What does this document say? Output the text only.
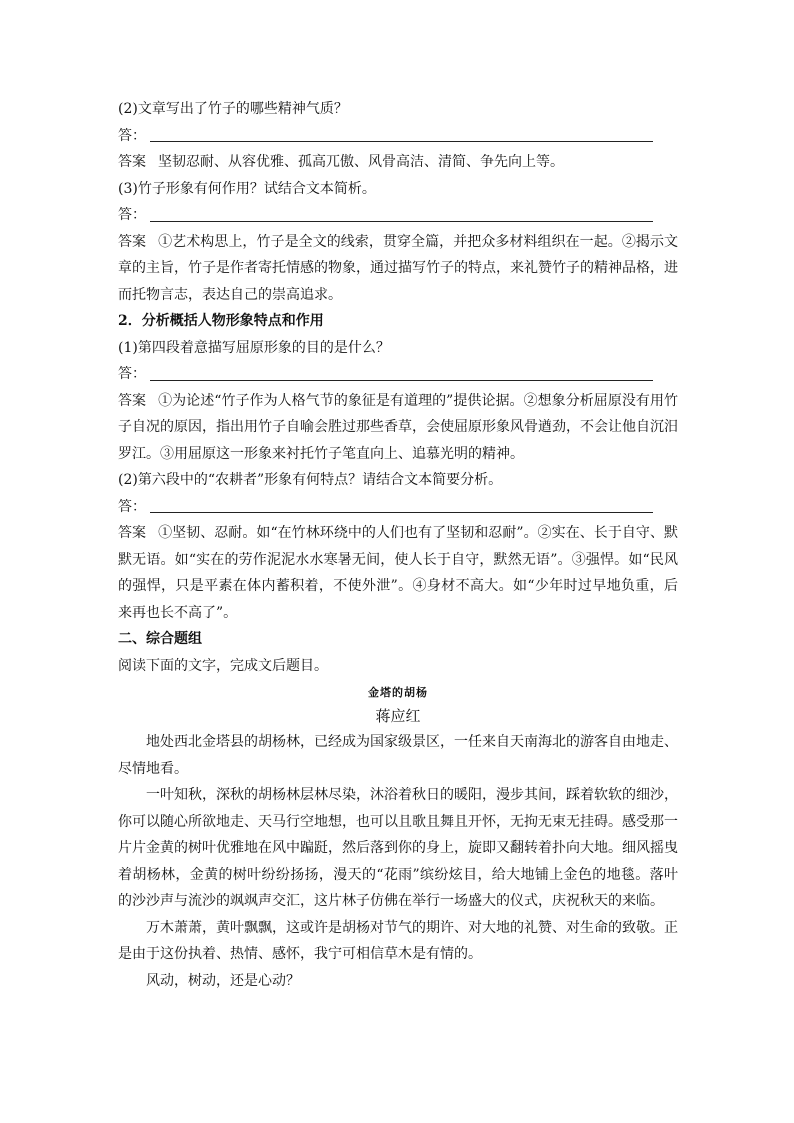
(2)文章写出了竹子的哪些精神气质？
答：
答案 坚韧忍耐、从容优雅、孤高兀傲、风骨高洁、清简、争先向上等。
(3)竹子形象有何作用？试结合文本简析。
答：
答案 ①艺术构思上，竹子是全文的线索，贯穿全篇，并把众多材料组织在一起。②揭示文章的主旨，竹子是作者寄托情感的物象，通过描写竹子的特点，来礼赞竹子的精神品格，进而托物言志，表达自己的崇高追求。
2．分析概括人物形象特点和作用
(1)第四段着意描写屈原形象的目的是什么？
答：
答案 ①为论述“竹子作为人格气节的象征是有道理的”提供论据。②想象分析屈原没有用竹子自况的原因，指出用竹子自喻会胜过那些香草，会使屈原形象风骨遒劲，不会让他自沉汨罗江。③用屈原这一形象来衬托竹子笔直向上、追慕光明的精神。
(2)第六段中的“农耕者”形象有何特点？请结合文本简要分析。
答：
答案 ①坚韧、忍耐。如“在竹林环绕中的人们也有了坚韧和忍耐”。②实在、长于自守、默默无语。如“实在的劳作泥泥水水寒暑无间，使人长于自守，默然无语”。③强悍。如“民风的强悍，只是平素在体内蓄积着，不使外泄”。④身材不高大。如“少年时过早地负重，后来再也长不高了”。
二、综合题组
阅读下面的文字，完成文后题目。
金塔的胡杨
蒋应红
地处西北金塔县的胡杨林，已经成为国家级景区，一任来自天南海北的游客自由地走、尽情地看。
一叶知秋，深秋的胡杨林层林尽染，沐浴着秋日的暖阳，漫步其间，踩着软软的细沙，你可以随心所欲地走、天马行空地想，也可以且歌且舞且开怀，无拘无束无挂碍。感受那一片片金黄的树叶优雅地在风中蹁跹，然后落到你的身上，旋即又翻转着扑向大地。细风摇曳着胡杨林，金黄的树叶纷纷扬扬，漫天的“花雨”缤纷炫目，给大地铺上金色的地毯。落叶的沙沙声与流沙的飒飒声交汇，这片林子仿佛在举行一场盛大的仪式，庆祝秋天的来临。
万木萧萧，黄叶飘飘，这或许是胡杨对节气的期许、对大地的礼赞、对生命的致敬。正是由于这份执着、热情、感怀，我宁可相信草木是有情的。
风动，树动，还是心动？
